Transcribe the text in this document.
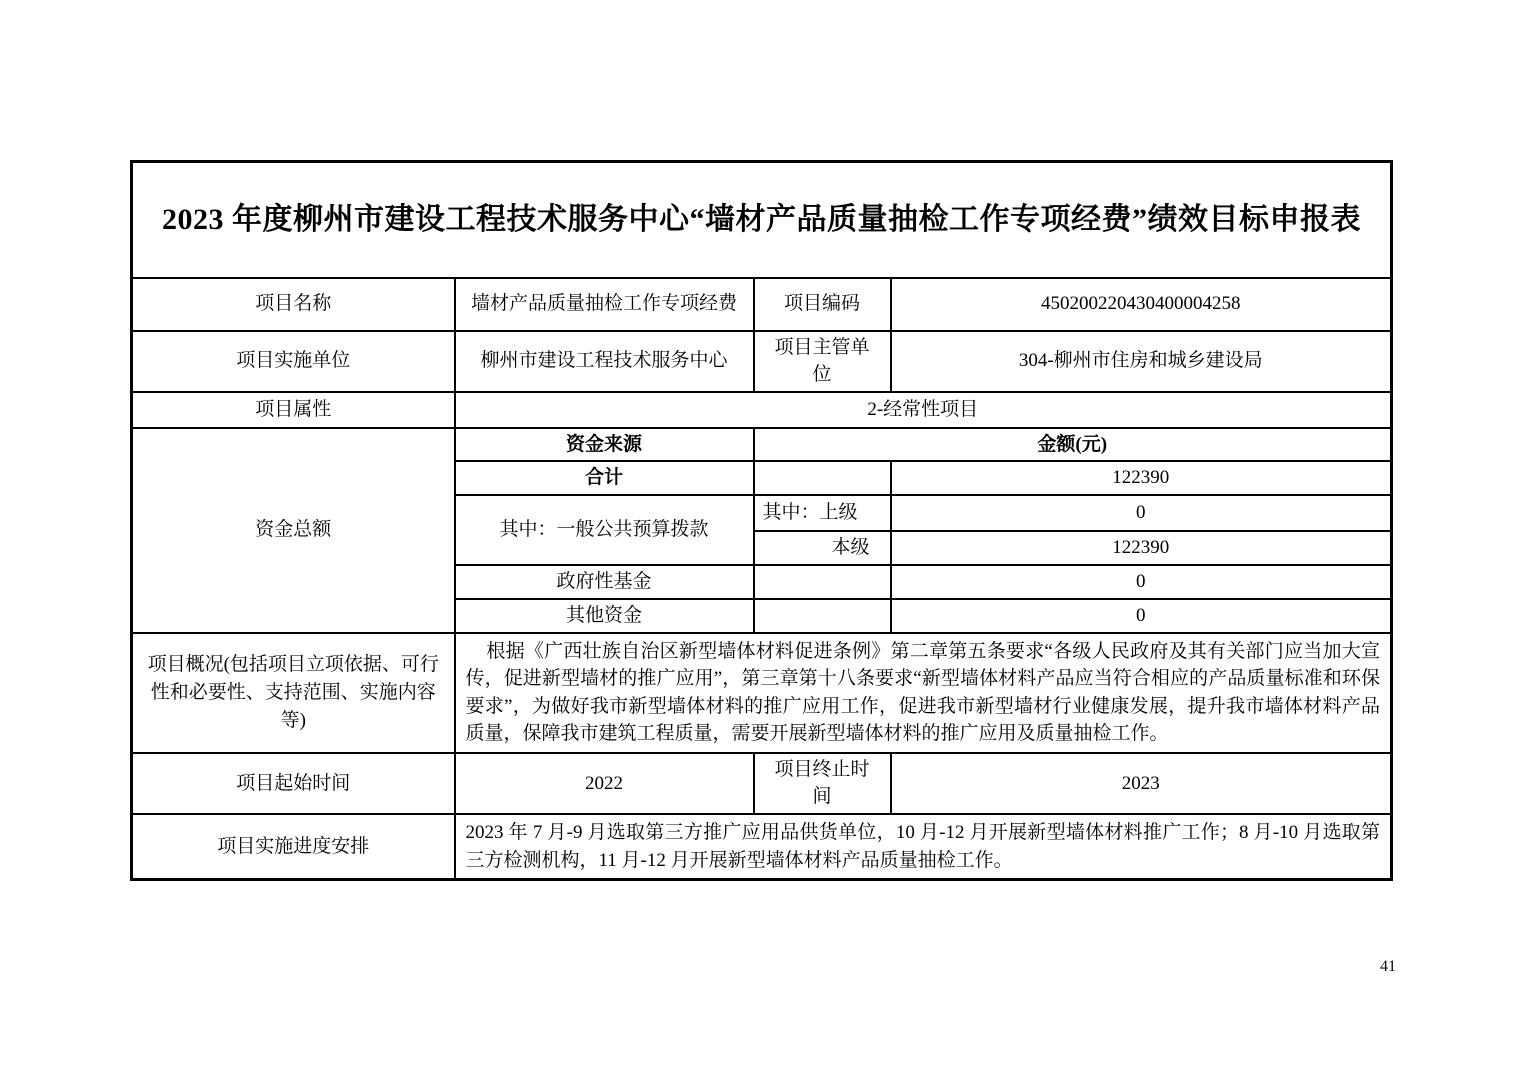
2023 年度柳州市建设工程技术服务中心“墙材产品质量抽检工作专项经费”绩效目标申报表			
项目名称	墙材产品质量抽检工作专项经费	项目编码	450200220430400004258
项目实施单位	柳州市建设工程技术服务中心	项目主管单位	304-柳州市住房和城乡建设局
项目属性	2-经常性项目		
资金总额	资金来源	金额(元)	
	合计		122390
	其中：一般公共预算拨款	其中：上级	0
		本级	122390
	政府性基金		0
	其他资金		0
项目概况(包括项目立项依据、可行性和必要性、支持范围、实施内容等)	根据《广西壮族自治区新型墙体材料促进条例》第二章第五条要求“各级人民政府及其有关部门应当加大宣传，促进新型墙材的推广应用”，第三章第十八条要求“新型墙体材料产品应当符合相应的产品质量标准和环保要求”，为做好我市新型墙体材料的推广应用工作，促进我市新型墙材行业健康发展，提升我市墙体材料产品质量，保障我市建筑工程质量，需要开展新型墙体材料的推广应用及质量抽检工作。		
项目起始时间	2022	项目终止时间	2023
项目实施进度安排	2023 年 7 月-9 月选取第三方推广应用品供货单位，10 月-12 月开展新型墙体材料推广工作；8 月-10 月选取第三方检测机构，11 月-12 月开展新型墙体材料产品质量抽检工作。		
41
